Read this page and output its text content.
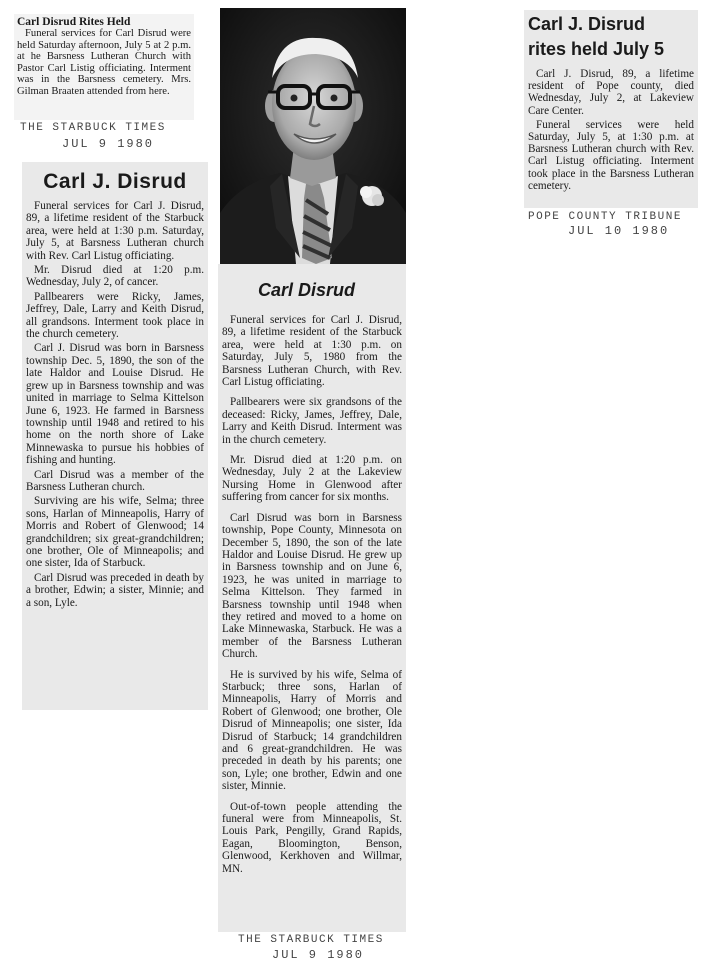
Carl Disrud Rites Held

Funeral services for Carl Disrud were held Saturday afternoon, July 5 at 2 p.m. at he Barsness Lutheran Church with Pastor Carl Listig officiating. Interment was in the Barsness cemetery. Mrs. Gilman Braaten attended from here.

THE STARBUCK TIMES
JUL 9 1980
Carl J. Disrud

Funeral services for Carl J. Disrud, 89, a lifetime resident of the Starbuck area, were held at 1:30 p.m. Saturday, July 5, at Barsness Lutheran church with Rev. Carl Listug officiating.

Mr. Disrud died at 1:20 p.m. Wednesday, July 2, of cancer.

Pallbearers were Ricky, James, Jeffrey, Dale, Larry and Keith Disrud, all grandsons. Interment took place in the church cemetery.

Carl J. Disrud was born in Barsness township Dec. 5, 1890, the son of the late Haldor and Louise Disrud. He grew up in Barsness township and was united in marriage to Selma Kittelson June 6, 1923. He farmed in Barsness township until 1948 and retired to his home on the north shore of Lake Minnewaska to pursue his hobbies of fishing and hunting.

Carl Disrud was a member of the Barsness Lutheran church.

Surviving are his wife, Selma; three sons, Harlan of Minneapolis, Harry of Morris and Robert of Glenwood; 14 grandchildren; six great-grandchildren; one brother, Ole of Minneapolis; and one sister, Ida of Starbuck.

Carl Disrud was preceded in death by a brother, Edwin; a sister, Minnie; and a son, Lyle.

Carl Disrud

Funeral services for Carl J. Disrud, 89, a lifetime resident of the Starbuck area, were held at 1:30 p.m. on Saturday, July 5, 1980 from the Barsness Lutheran Church, with Rev. Carl Listug officiating.

Pallbearers were six grandsons of the deceased: Ricky, James, Jeffrey, Dale, Larry and Keith Disrud. Interment was in the church cemetery.

Mr. Disrud died at 1:20 p.m. on Wednesday, July 2 at the Lakeview Nursing Home in Glenwood after suffering from cancer for six months.

Carl Disrud was born in Barsness township, Pope County, Minnesota on December 5, 1890, the son of the late Haldor and Louise Disrud. He grew up in Barsness township and on June 6, 1923, he was united in marriage to Selma Kittelson. They farmed in Barsness township until 1948 when they retired and moved to a home on Lake Minnewaska, Starbuck. He was a member of the Barsness Lutheran Church.

He is survived by his wife, Selma of Starbuck; three sons, Harlan of Minneapolis, Harry of Morris and Robert of Glenwood; one brother, Ole Disrud of Minneapolis; one sister, Ida Disrud of Starbuck; 14 grandchildren and 6 great-grandchildren. He was preceded in death by his parents; one son, Lyle; one brother, Edwin and one sister, Minnie.

Out-of-town people attending the funeral were from Minneapolis, St. Louis Park, Pengilly, Grand Rapids, Eagan, Bloomington, Benson, Glenwood, Kerkhoven and Willmar, MN.

THE STARBUCK TIMES
JUL 9 1980
Carl J. Disrud
rites held July 5

Carl J. Disrud, 89, a lifetime resident of Pope county, died Wednesday, July 2, at Lakeview Care Center.

Funeral services were held Saturday, July 5, at 1:30 p.m. at Barsness Lutheran church with Rev. Carl Listug officiating. Interment took place in the Barsness Lutheran cemetery.

POPE COUNTY TRIBUNE
JUL 10 1980
